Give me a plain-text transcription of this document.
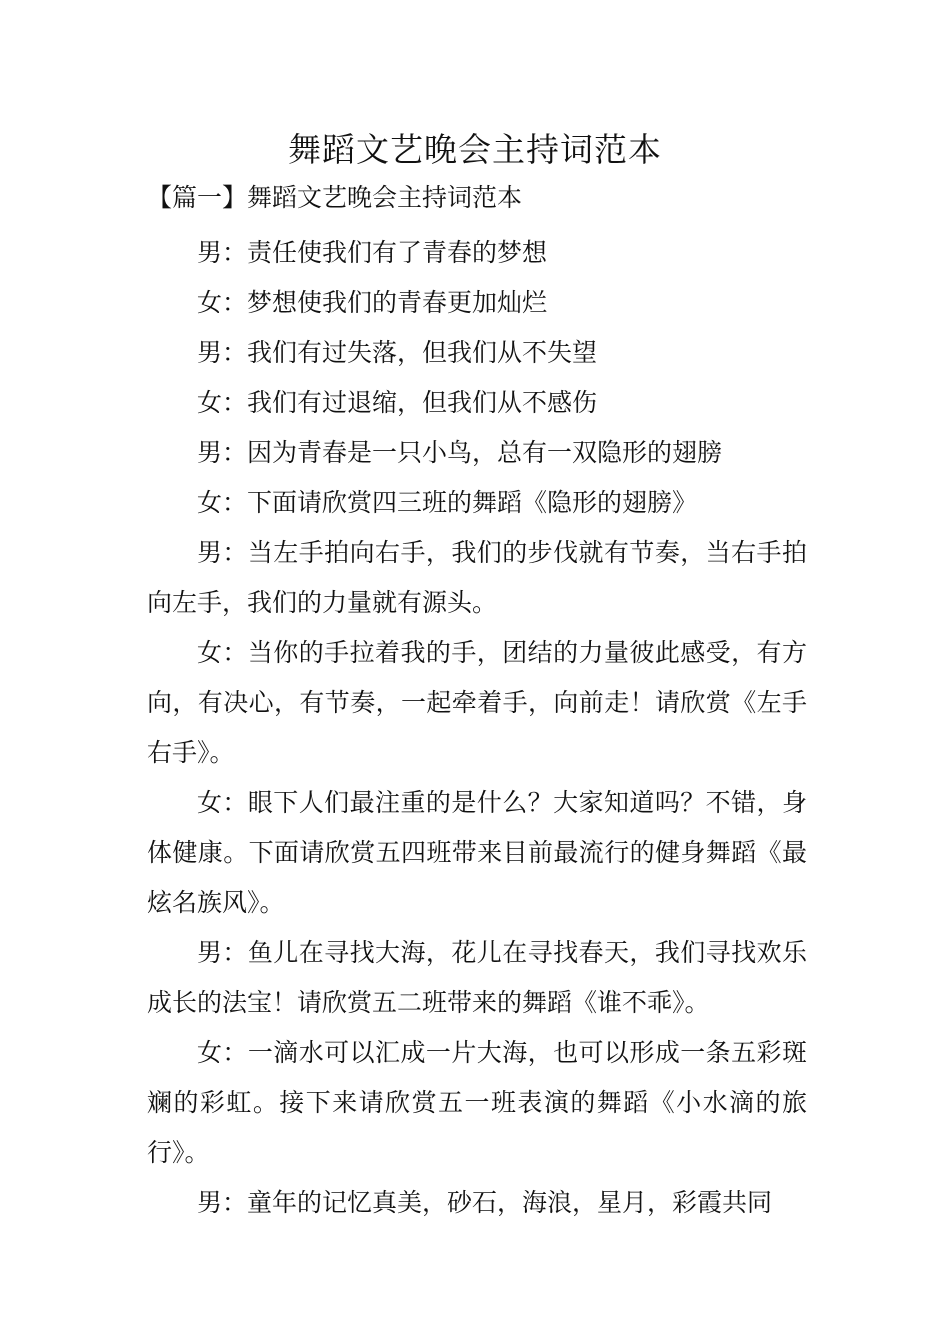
舞蹈文艺晚会主持词范本
【篇一】舞蹈文艺晚会主持词范本

男：责任使我们有了青春的梦想

女：梦想使我们的青春更加灿烂

男：我们有过失落，但我们从不失望

女：我们有过退缩，但我们从不感伤

男：因为青春是一只小鸟，总有一双隐形的翅膀

女：下面请欣赏四三班的舞蹈《隐形的翅膀》

男：当左手拍向右手，我们的步伐就有节奏，当右手拍向左手，我们的力量就有源头。

女：当你的手拉着我的手，团结的力量彼此感受，有方向，有决心，有节奏，一起牵着手，向前走！请欣赏《左手右手》。

女：眼下人们最注重的是什么？大家知道吗？不错，身体健康。下面请欣赏五四班带来目前最流行的健身舞蹈《最炫名族风》。

男：鱼儿在寻找大海，花儿在寻找春天，我们寻找欢乐成长的法宝！请欣赏五二班带来的舞蹈《谁不乖》。

女：一滴水可以汇成一片大海，也可以形成一条五彩斑斓的彩虹。接下来请欣赏五一班表演的舞蹈《小水滴的旅行》。

男：童年的记忆真美，砂石，海浪，星月，彩霞共同
